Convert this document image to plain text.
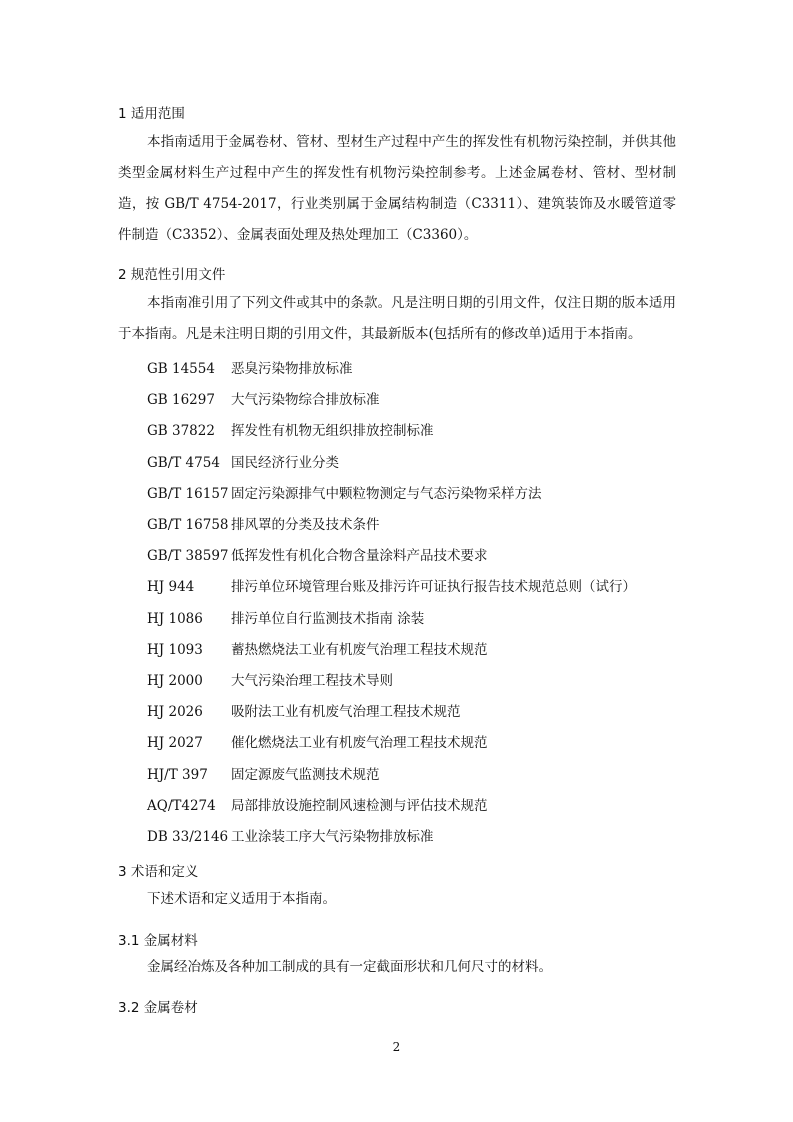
1 适用范围

本指南适用于金属卷材、管材、型材生产过程中产生的挥发性有机物污染控制，并供其他类型金属材料生产过程中产生的挥发性有机物污染控制参考。上述金属卷材、管材、型材制造，按 GB/T 4754-2017，行业类别属于金属结构制造（C3311）、建筑装饰及水暖管道零件制造（C3352）、金属表面处理及热处理加工（C3360）。

2 规范性引用文件

本指南准引用了下列文件或其中的条款。凡是注明日期的引用文件，仅注日期的版本适用于本指南。凡是未注明日期的引用文件，其最新版本(包括所有的修改单)适用于本指南。

GB 14554 恶臭污染物排放标准
GB 16297 大气污染物综合排放标准
GB 37822 挥发性有机物无组织排放控制标准
GB/T 4754 国民经济行业分类
GB/T 16157 固定污染源排气中颗粒物测定与气态污染物采样方法
GB/T 16758 排风罩的分类及技术条件
GB/T 38597 低挥发性有机化合物含量涂料产品技术要求
HJ 944	排污单位环境管理台账及排污许可证执行报告技术规范总则（试行）
HJ 1086 排污单位自行监测技术指南 涂装
HJ 1093 蓄热燃烧法工业有机废气治理工程技术规范
HJ 2000 大气污染治理工程技术导则
HJ 2026 吸附法工业有机废气治理工程技术规范
HJ 2027 催化燃烧法工业有机废气治理工程技术规范
HJ/T 397 固定源废气监测技术规范
AQ/T4274 局部排放设施控制风速检测与评估技术规范
DB 33/2146 工业涂装工序大气污染物排放标准
3 术语和定义

下述术语和定义适用于本指南。

3.1 金属材料

金属经冶炼及各种加工制成的具有一定截面形状和几何尺寸的材料。

3.2 金属卷材
2
